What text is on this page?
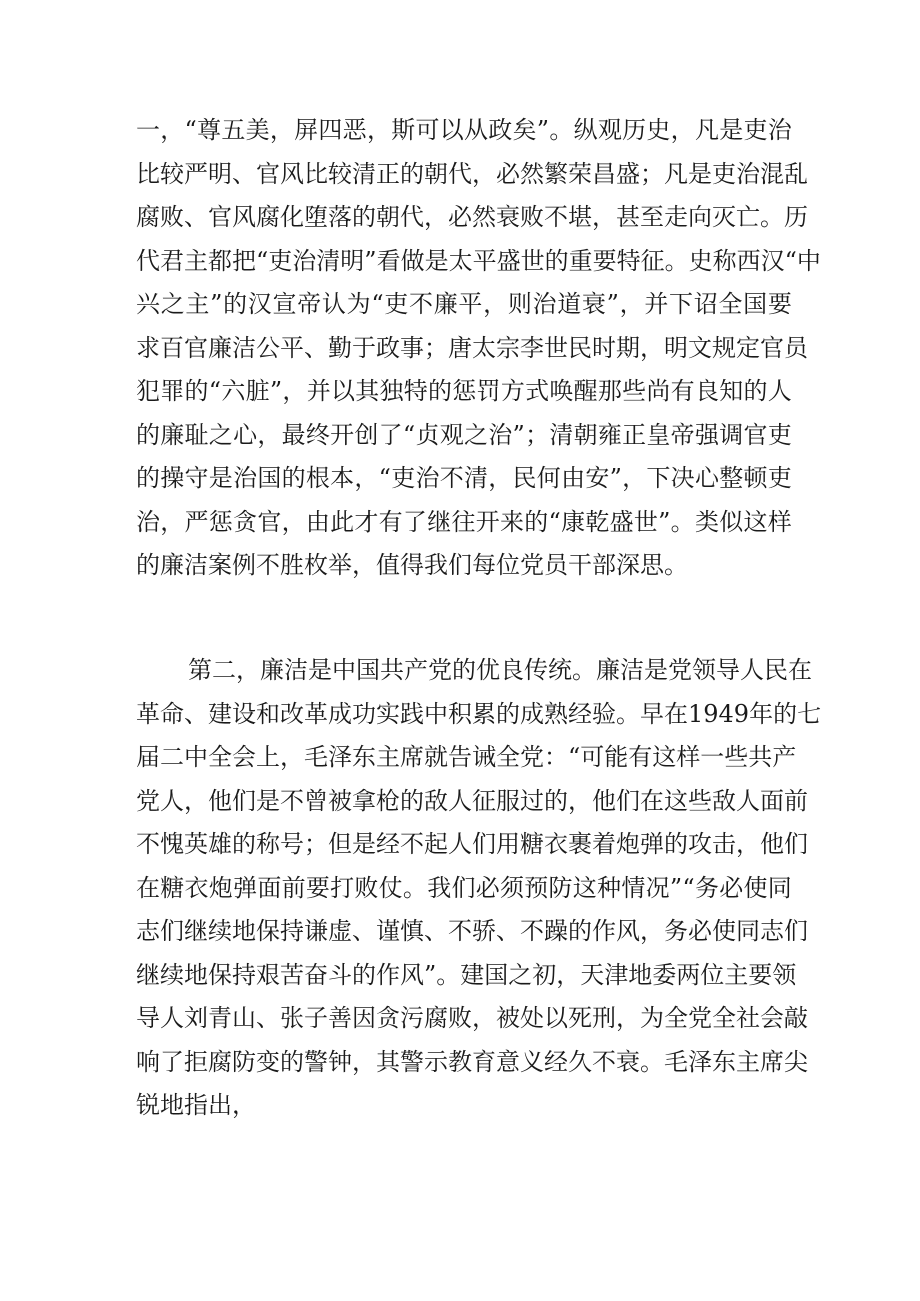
一 ， “ 尊 五 美 ， 屏 四 恶 ， 斯 可 以 从 政 矣 ” 。 纵 观 历 史 ， 凡 是 吏 治
比 较 严 明 、 官 风 比 较 清 正 的 朝 代 ， 必 然 繁 荣 昌 盛 ； 凡 是 吏 治 混 乱
腐 败 、 官 风 腐 化 堕 落 的 朝 代 ， 必 然 衰 败 不 堪 ， 甚 至 走 向 灭 亡 。 历
代 君 主 都 把 “ 吏 治 清 明 ” 看 做 是 太 平 盛 世 的 重 要 特 征 。 史 称 西 汉 “ 中
兴 之 主 ” 的 汉 宣 帝 认 为 “ 吏 不 廉 平 ， 则 治 道 衰 ” ， 并 下 诏 全 国 要
求 百 官 廉 洁 公 平 、 勤 于 政 事 ； 唐 太 宗 李 世 民 时 期 ， 明 文 规 定 官 员
犯 罪 的 “ 六 脏 ” ， 并 以 其 独 特 的 惩 罚 方 式 唤 醒 那 些 尚 有 良 知 的 人
的 廉 耻 之 心 ， 最 终 开 创 了 “ 贞 观 之 治 ” ； 清 朝 雍 正 皇 帝 强 调 官 吏
的 操 守 是 治 国 的 根 本 ， “ 吏 治 不 清 ， 民 何 由 安 ” ， 下 决 心 整 顿 吏
治 ， 严 惩 贪 官 ， 由 此 才 有 了 继 往 开 来 的 “ 康 乾 盛 世 ” 。 类 似 这 样
的廉洁案例不胜枚举，值得我们每位党员干部深思。
第 二 ， 廉 洁 是 中 国 共 产 党 的 优 良 传 统 。 廉 洁 是 党 领 导 人 民 在
革 命 、 建 设 和 改 革 成 功 实 践 中 积 累 的 成 熟 经 验 。 早 在 1949 年 的 七
届 二 中 全 会 上 ， 毛 泽 东 主 席 就 告 诫 全 党 ： “ 可 能 有 这 样 一 些 共 产
党 人 ， 他 们 是 不 曾 被 拿 枪 的 敌 人 征 服 过 的 ， 他 们 在 这 些 敌 人 面 前
不 愧 英 雄 的 称 号 ； 但 是 经 不 起 人 们 用 糖 衣 裹 着 炮 弹 的 攻 击 ， 他 们
在 糖 衣 炮 弹 面 前 要 打 败 仗 。 我 们 必 须 预 防 这 种 情 况 ” “ 务 必 使 同
志 们 继 续 地 保 持 谦 虚 、 谨 慎 、 不 骄 、 不 躁 的 作 风 ， 务 必 使 同 志 们
继 续 地 保 持 艰 苦 奋 斗 的 作 风 ” 。 建 国 之 初 ， 天 津 地 委 两 位 主 要 领
导 人 刘 青 山 、 张 子 善 因 贪 污 腐 败 ， 被 处 以 死 刑 ， 为 全 党 全 社 会 敲
响 了 拒 腐 防 变 的 警 钟 ， 其 警 示 教 育 意 义 经 久 不 衰 。 毛 泽 东 主 席 尖
锐地指出，
